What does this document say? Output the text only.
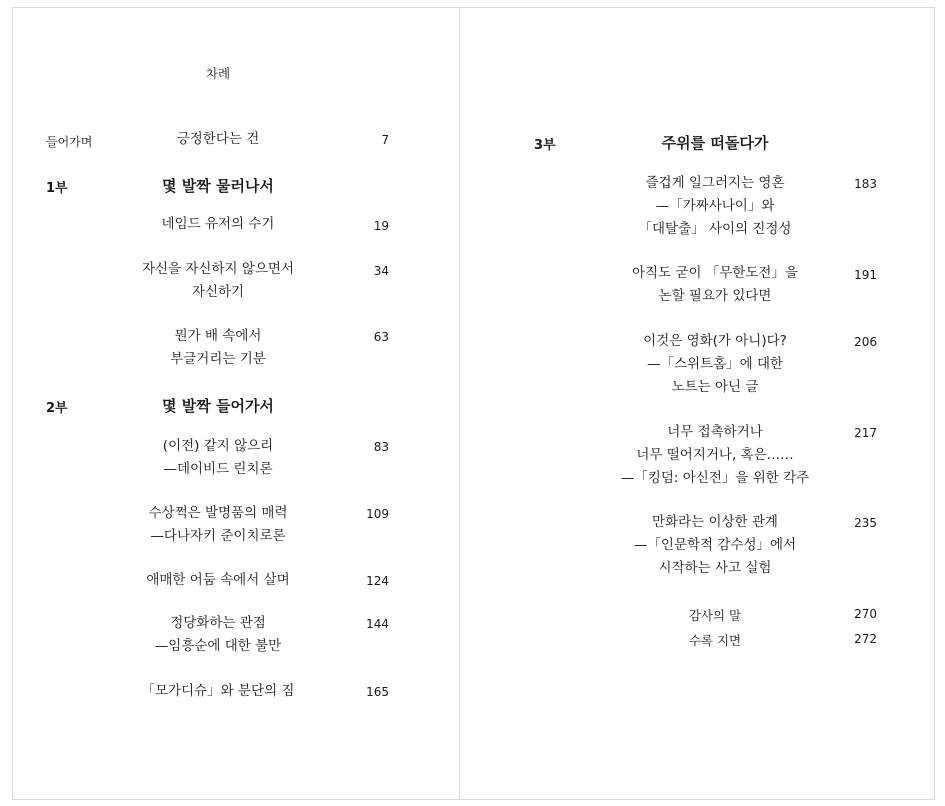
차례
들어가며	긍정한다는 건	7
1부	몇 발짝 물러나서
네임드 유저의 수기	19
자신을 자신하지 않으면서
자신하기
34
뭔가 배 속에서
부글거리는 기분
63
2부	몇 발짝 들어가서
(이전) 같지 않으리
—데이비드 린치론
83
수상쩍은 발명품의 매력
—다나자키 준이치로론
109
애매한 어둠 속에서 살며	124
정당화하는 관점
—임흥순에 대한 불만
144
「모가디슈」와 분단의 짐	165
3부	주위를 떠돌다가
즐겁게 일그러지는 영혼
—「가짜사나이」와
「대탈출」 사이의 진정성
183
아직도 굳이 「무한도전」을
논할 필요가 있다면
191
이것은 영화(가 아니)다?
—「스위트홈」에 대한
노트는 아닌 글
206
너무 접촉하거나
너무 떨어지거나, 혹은……
—「킹덤: 아신전」을 위한 각주
217
만화라는 이상한 관계
—「인문학적 감수성」에서
시작하는 사고 실험
235
감사의 말	270
수록 지면	272
